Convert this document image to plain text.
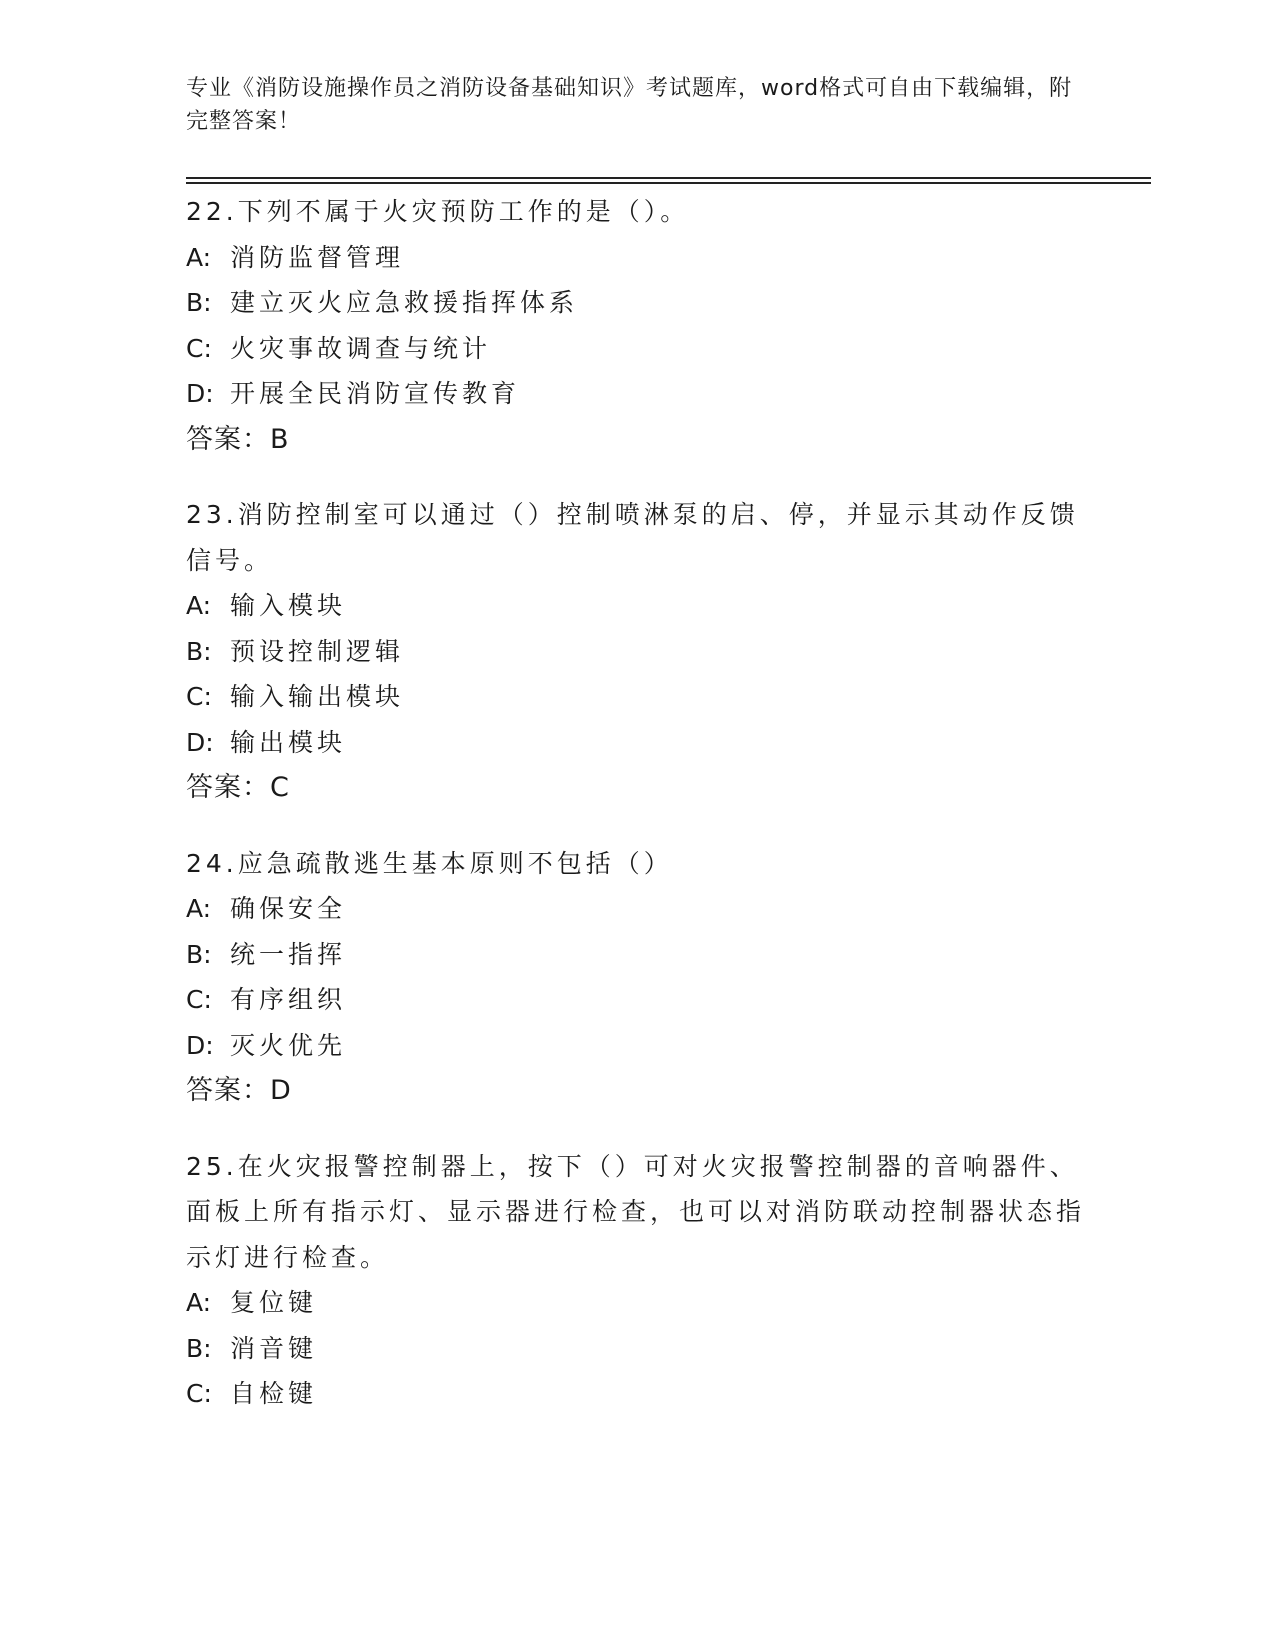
专业《消防设施操作员之消防设备基础知识》考试题库，word格式可自由下载编辑，附完整答案！
22.下列不属于火灾预防工作的是（）。
A: 消防监督管理
B: 建立灭火应急救援指挥体系
C: 火灾事故调查与统计
D: 开展全民消防宣传教育
答案：B
23.消防控制室可以通过（）控制喷淋泵的启、停，并显示其动作反馈信号。
A: 输入模块
B: 预设控制逻辑
C: 输入输出模块
D: 输出模块
答案：C
24.应急疏散逃生基本原则不包括（）
A: 确保安全
B: 统一指挥
C: 有序组织
D: 灭火优先
答案：D
25.在火灾报警控制器上，按下（）可对火灾报警控制器的音响器件、面板上所有指示灯、显示器进行检查，也可以对消防联动控制器状态指示灯进行检查。
A: 复位键
B: 消音键
C: 自检键
